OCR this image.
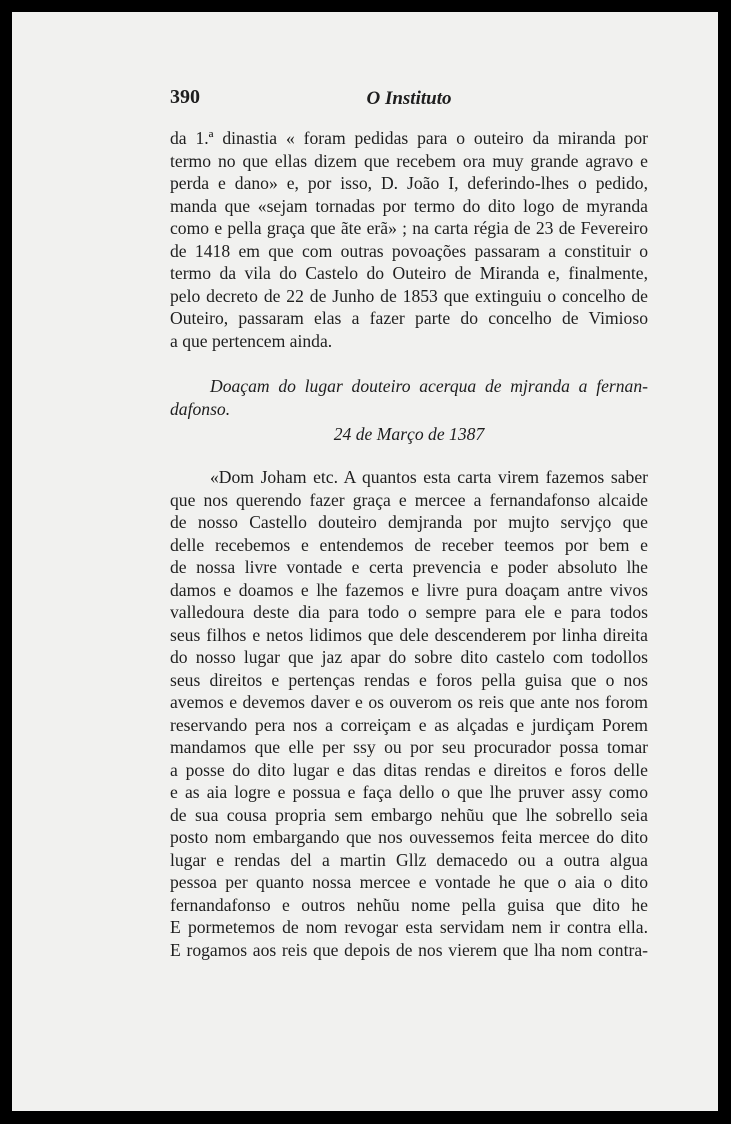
390	O Instituto
da 1.ª dinastia « foram pedidas para o outeiro da miranda por
termo no que ellas dizem que recebem ora muy grande agravo e
perda e dano» e, por isso, D. João I, deferindo-lhes o pedido,
manda que «sejam tornadas por termo do dito logo de myranda
como e pella graça que ãte erã» ; na carta régia de 23 de Fevereiro
de 1418 em que com outras povoações passaram a constituir o
termo da vila do Castelo do Outeiro de Miranda e, finalmente,
pelo decreto de 22 de Junho de 1853 que extinguiu o concelho de
Outeiro, passaram elas a fazer parte do concelho de Vimioso
a que pertencem ainda.
Doaçam do lugar douteiro acerqua de mjranda a fernan-
dafonso.
24 de Março de 1387
«Dom Joham etc. A quantos esta carta virem fazemos saber
que nos querendo fazer graça e mercee a fernandafonso alcaide
de nosso Castello douteiro demjranda por mujto servjço que
delle recebemos e entendemos de receber teemos por bem e
de nossa livre vontade e certa prevencia e poder absoluto lhe
damos e doamos e lhe fazemos e livre pura doaçam antre vivos
valledoura deste dia para todo o sempre para ele e para todos
seus filhos e netos lidimos que dele descenderem por linha direita
do nosso lugar que jaz apar do sobre dito castelo com todollos
seus direitos e pertenças rendas e foros pella guisa que o nos
avemos e devemos daver e os ouverom os reis que ante nos forom
reservando pera nos a correiçam e as alçadas e jurdiçam Porem
mandamos que elle per ssy ou por seu procurador possa tomar
a posse do dito lugar e das ditas rendas e direitos e foros delle
e as aia logre e possua e faça dello o que lhe pruver assy como
de sua cousa propria sem embargo nehũu que lhe sobrello seia
posto nom embargando que nos ouvessemos feita mercee do dito
lugar e rendas del a martin Gllz demacedo ou a outra algua
pessoa per quanto nossa mercee e vontade he que o aia o dito
fernandafonso e outros nehũu nome pella guisa que dito he
E pormetemos de nom revogar esta servidam nem ir contra ella.
E rogamos aos reis que depois de nos vierem que lha nom contra-
